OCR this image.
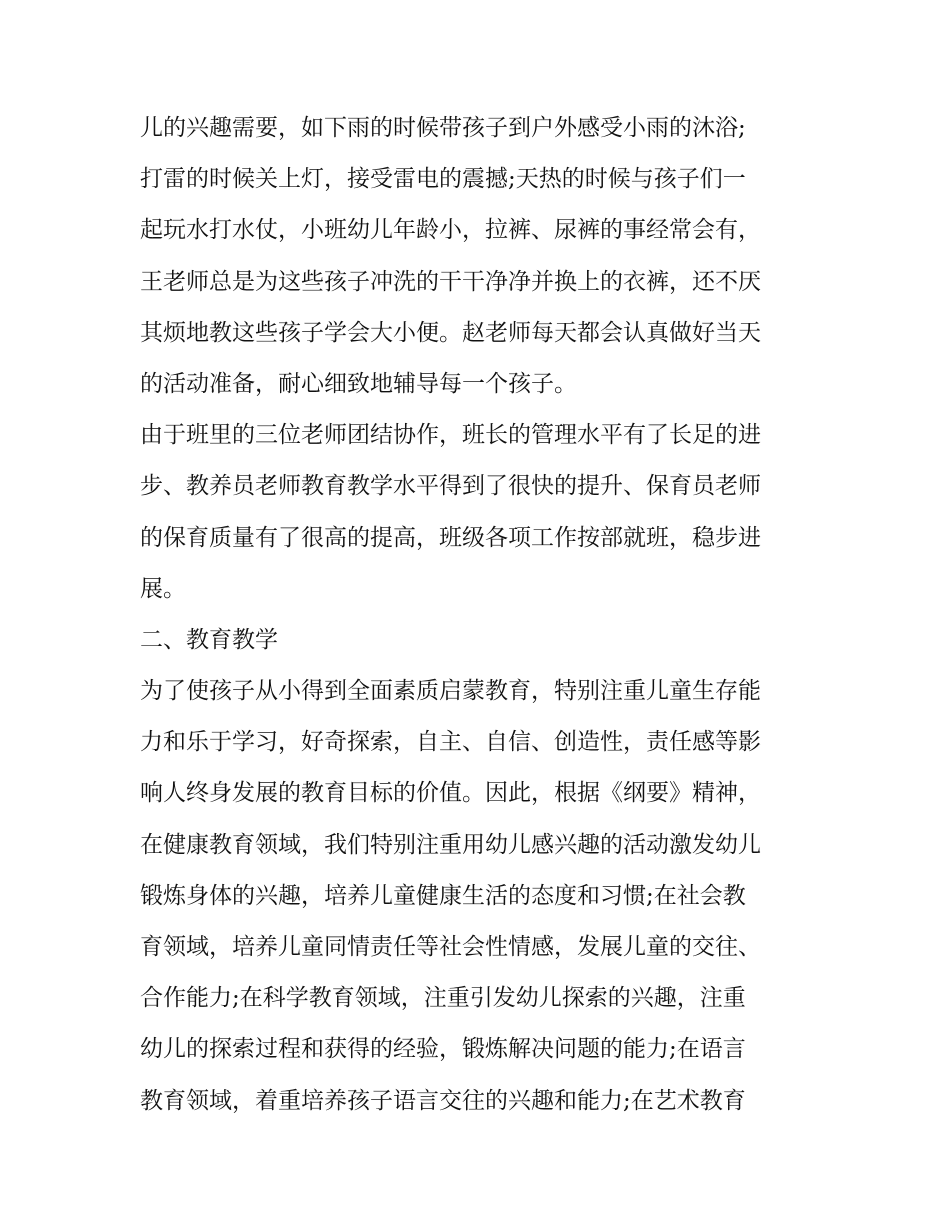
儿的兴趣需要，如下雨的时候带孩子到户外感受小雨的沐浴;
打雷的时候关上灯，接受雷电的震撼;天热的时候与孩子们一
起玩水打水仗，小班幼儿年龄小，拉裤、尿裤的事经常会有，
王老师总是为这些孩子冲洗的干干净净并换上的衣裤，还不厌
其烦地教这些孩子学会大小便。赵老师每天都会认真做好当天
的活动准备，耐心细致地辅导每一个孩子。
由于班里的三位老师团结协作，班长的管理水平有了长足的进
步、教养员老师教育教学水平得到了很快的提升、保育员老师
的保育质量有了很高的提高，班级各项工作按部就班，稳步进
展。
二、教育教学
为了使孩子从小得到全面素质启蒙教育，特别注重儿童生存能
力和乐于学习，好奇探索，自主、自信、创造性，责任感等影
响人终身发展的教育目标的价值。因此，根据《纲要》精神，
在健康教育领域，我们特别注重用幼儿感兴趣的活动激发幼儿
锻炼身体的兴趣，培养儿童健康生活的态度和习惯;在社会教
育领域，培养儿童同情责任等社会性情感，发展儿童的交往、
合作能力;在科学教育领域，注重引发幼儿探索的兴趣，注重
幼儿的探索过程和获得的经验，锻炼解决问题的能力;在语言
教育领域，着重培养孩子语言交往的兴趣和能力;在艺术教育
